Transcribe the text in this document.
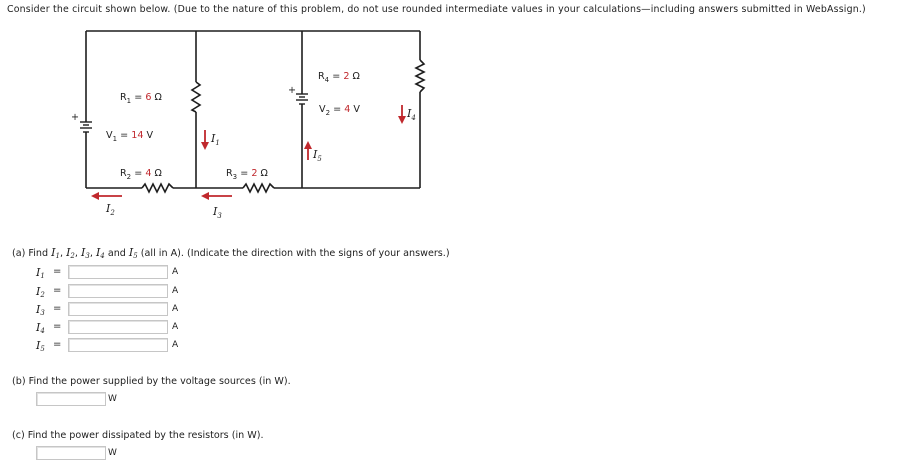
Consider the circuit shown below. (Due to the nature of this problem, do not use rounded intermediate values in your calculations—including answers submitted in WebAssign.)
+
+
$R_1 = 6$ Ω
$R_2 = 4$ Ω	$R_3 = 2$ Ω
$R_4 = 2$ Ω
$V_1 = 14$ V
$V_2 = 4$ V
$I_1$
$I_5$
$I_4$
$I_2$	$I_3$
(a) Find $I_1$, $I_2$, $I_3$, $I_4$ and $I_5$ (all in A). (Indicate the direction with the signs of your answers.)
$I_1$ =	A
$I_2$ =	A
$I_3$ =	A
$I_4$ =	A
$I_5$ =	A
(b) Find the power supplied by the voltage sources (in W).
W
(c) Find the power dissipated by the resistors (in W).
W
